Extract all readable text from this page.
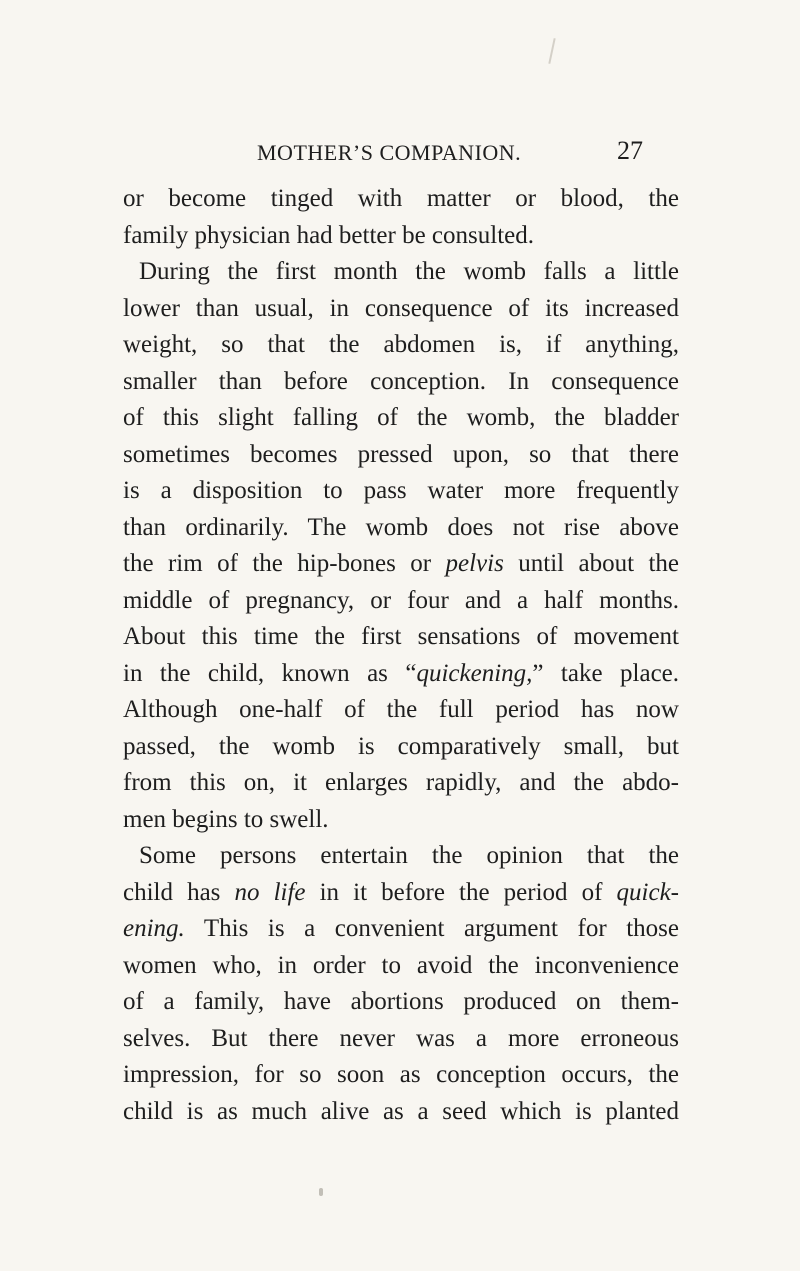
MOTHER’S COMPANION.	27
or become tinged with matter or blood, the
family physician had better be consulted.
During the first month the womb falls a little
lower than usual, in consequence of its increased
weight, so that the abdomen is, if anything,
smaller than before conception. In consequence
of this slight falling of the womb, the bladder
sometimes becomes pressed upon, so that there
is a disposition to pass water more frequently
than ordinarily. The womb does not rise above
the rim of the hip-bones or pelvis until about the
middle of pregnancy, or four and a half months.
About this time the first sensations of movement
in the child, known as “quickening,” take place.
Although one-half of the full period has now
passed, the womb is comparatively small, but
from this on, it enlarges rapidly, and the abdo-
men begins to swell.
Some persons entertain the opinion that the
child has no life in it before the period of quick-
ening. This is a convenient argument for those
women who, in order to avoid the inconvenience
of a family, have abortions produced on them-
selves. But there never was a more erroneous
impression, for so soon as conception occurs, the
child is as much alive as a seed which is planted
